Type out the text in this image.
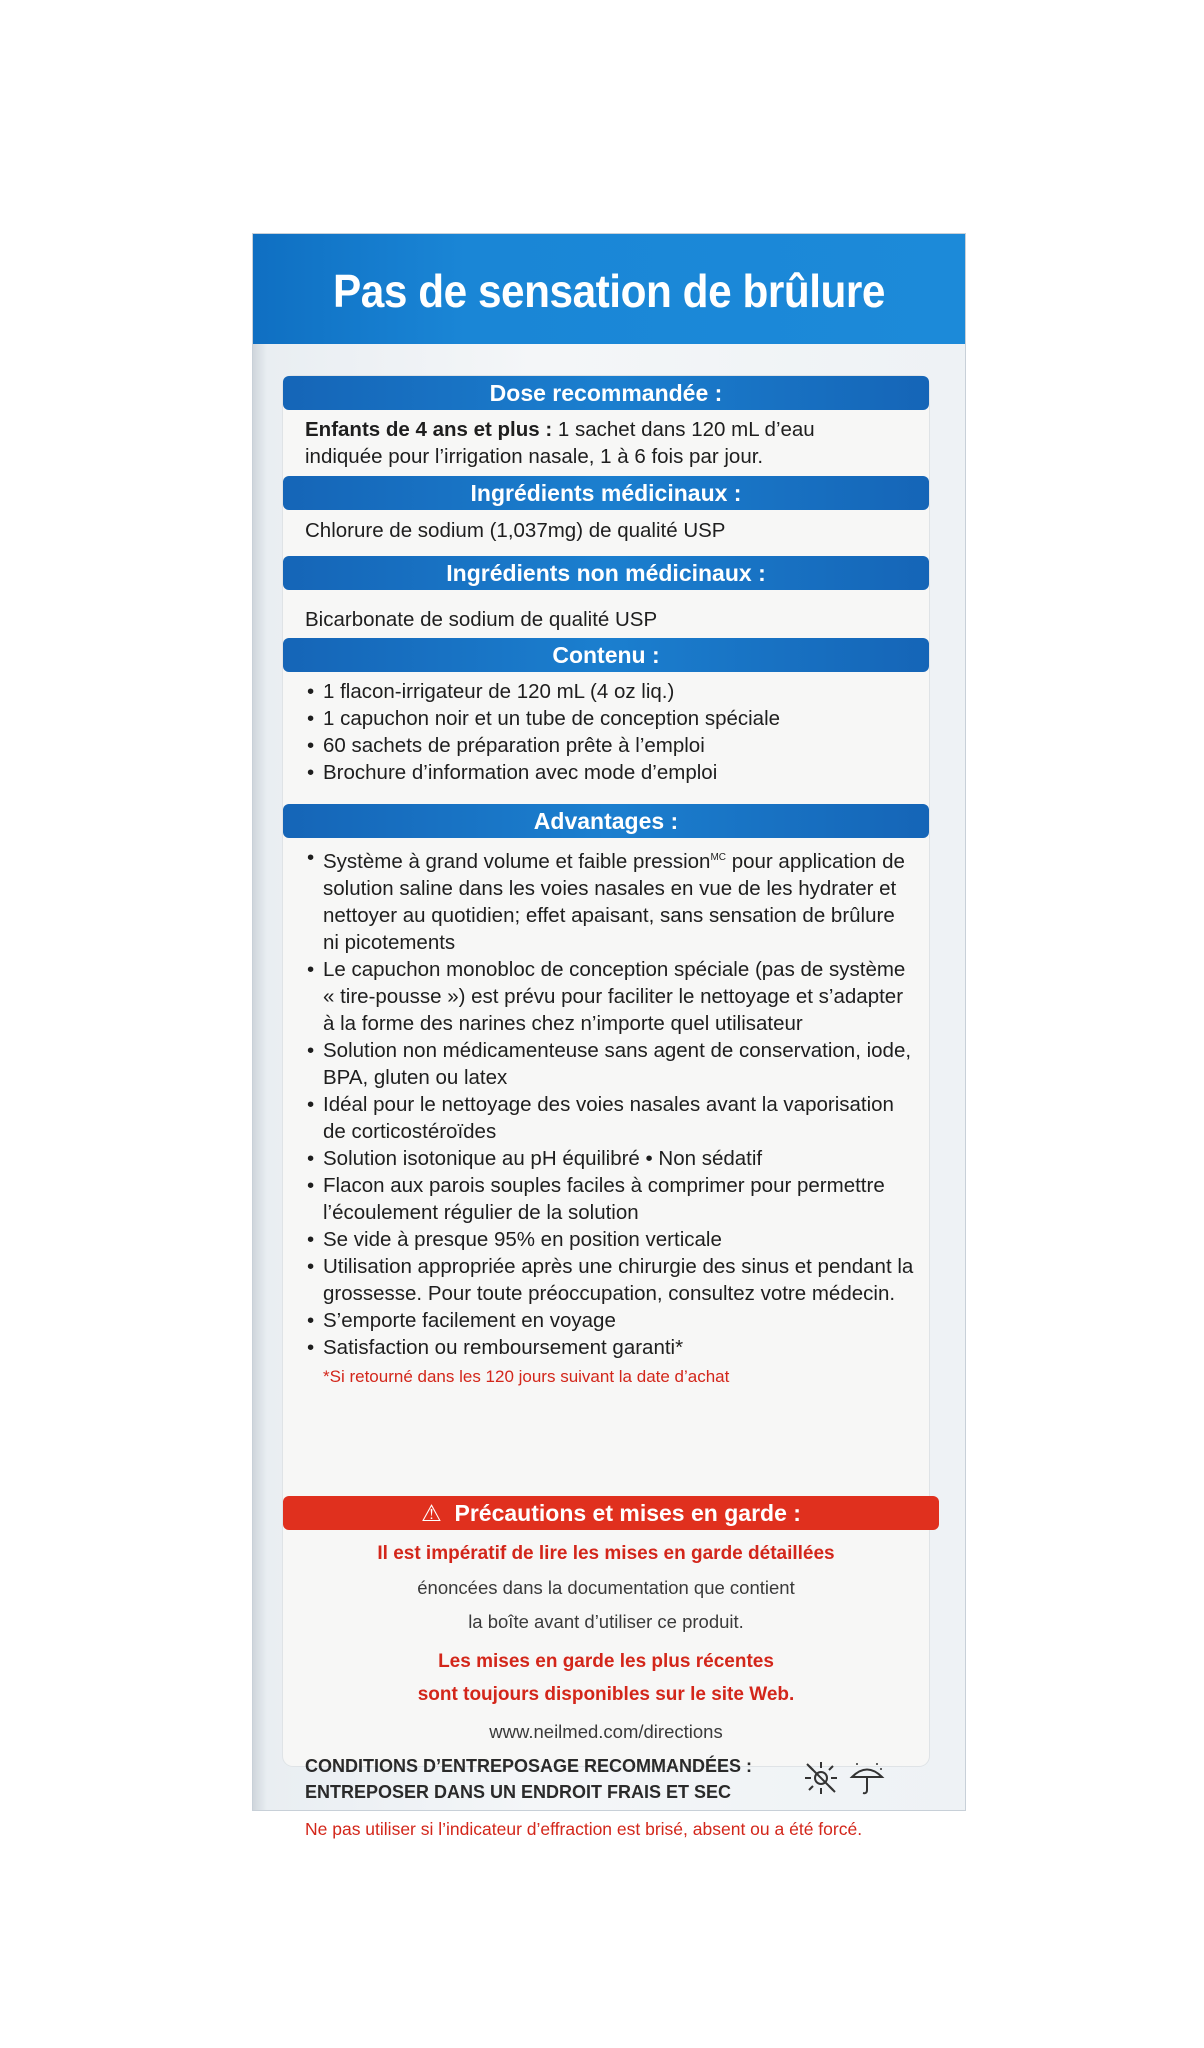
Pas de sensation de brûlure
Dose recommandée :
Enfants de 4 ans et plus : 1 sachet dans 120 mL d’eau
indiquée pour l’irrigation nasale, 1 à 6 fois par jour.
Ingrédients médicinaux :
Chlorure de sodium (1,037mg) de qualité USP
Ingrédients non médicinaux :
Bicarbonate de sodium de qualité USP
Contenu :
• 1 flacon-irrigateur de 120 mL (4 oz liq.)
• 1 capuchon noir et un tube de conception spéciale
• 60 sachets de préparation prête à l’emploi
• Brochure d’information avec mode d’emploi
Advantages :
• Système à grand volume et faible pression$^{MC}$ pour application de solution saline dans les voies nasales en vue de les hydrater et nettoyer au quotidien; effet apaisant, sans sensation de brûlure ni picotements
• Le capuchon monobloc de conception spéciale (pas de système « tire-pousse ») est prévu pour faciliter le nettoyage et s’adapter à la forme des narines chez n’importe quel utilisateur
• Solution non médicamenteuse sans agent de conservation, iode, BPA, gluten ou latex
• Idéal pour le nettoyage des voies nasales avant la vaporisation de corticostéroïdes
• Solution isotonique au pH équilibré • Non sédatif
• Flacon aux parois souples faciles à comprimer pour permettre l’écoulement régulier de la solution
• Se vide à presque 95% en position verticale
• Utilisation appropriée après une chirurgie des sinus et pendant la grossesse. Pour toute préoccupation, consultez votre médecin.
• S’emporte facilement en voyage
• Satisfaction ou remboursement garanti*
*Si retourné dans les 120 jours suivant la date d’achat
⚠ Précautions et mises en garde :
Il est impératif de lire les mises en garde détaillées
énoncées dans la documentation que contient
la boîte avant d’utiliser ce produit.
Les mises en garde les plus récentes
sont toujours disponibles sur le site Web.
www.neilmed.com/directions
CONDITIONS D’ENTREPOSAGE RECOMMANDÉES :
ENTREPOSER DANS UN ENDROIT FRAIS ET SEC
Ne pas utiliser si l’indicateur d’effraction est brisé, absent ou a été forcé.
